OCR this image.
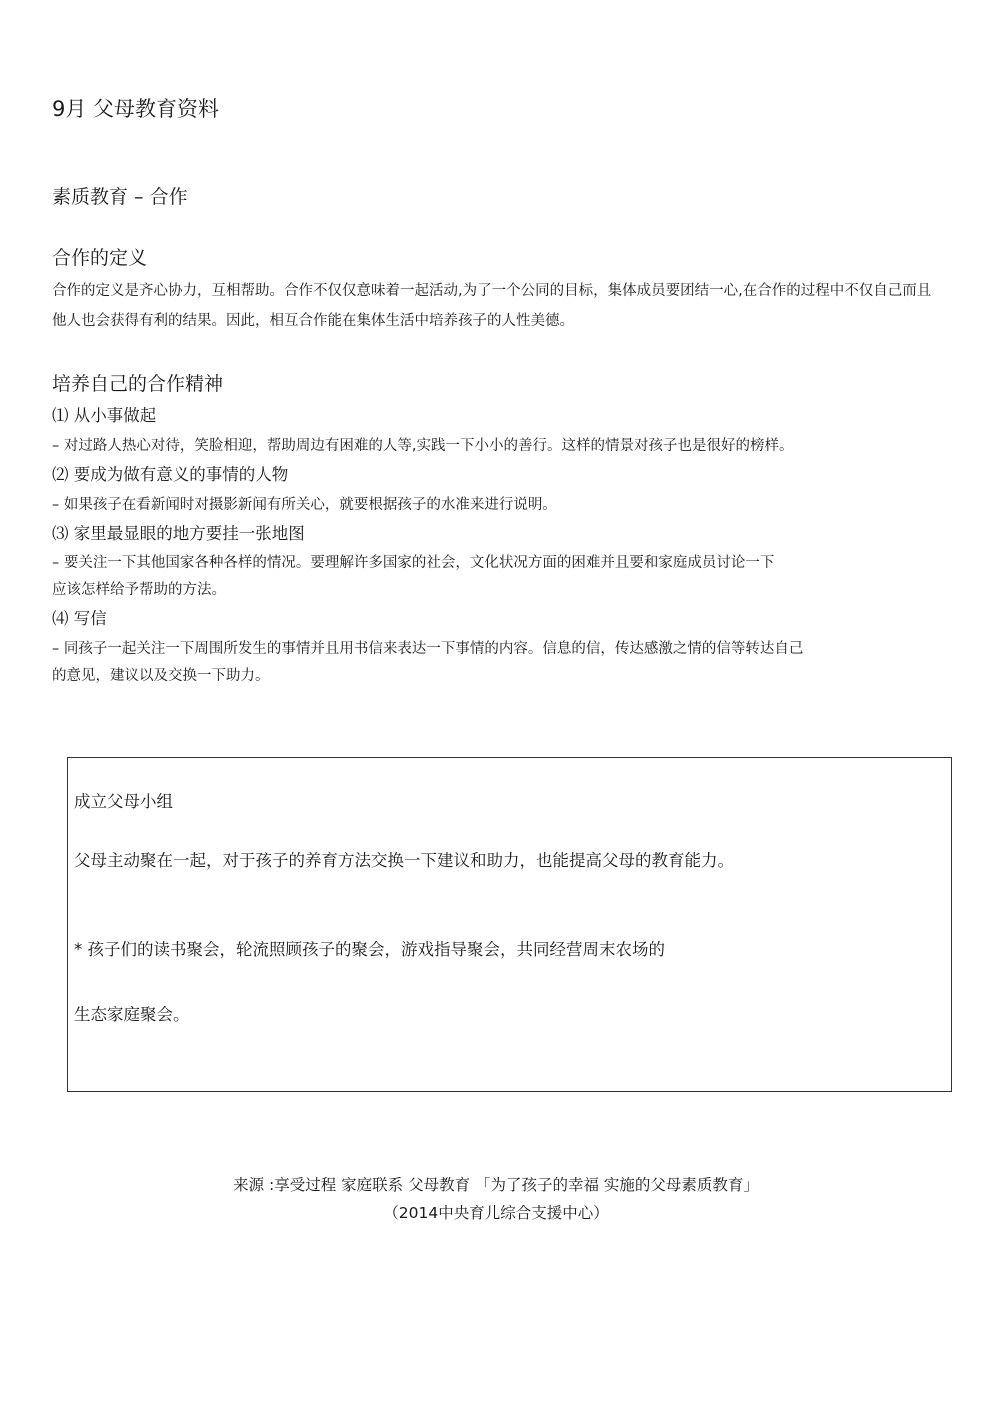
9月 父母教育资料
素质教育 – 合作
合作的定义
合作的定义是齐心协力，互相帮助。合作不仅仅意味着一起活动,为了一个公同的目标，集体成员要团结一心,在合作的过程中不仅自己而且他人也会获得有利的结果。因此，相互合作能在集体生活中培养孩子的人性美德。
培养自己的合作精神
⑴ 从小事做起
– 对过路人热心对待，笑脸相迎，帮助周边有困难的人等,实践一下小小的善行。这样的情景对孩子也是很好的榜样。
⑵ 要成为做有意义的事情的人物
– 如果孩子在看新闻时对摄影新闻有所关心，就要根据孩子的水准来进行说明。
⑶ 家里最显眼的地方要挂一张地图
– 要关注一下其他国家各种各样的情况。要理解许多国家的社会，文化状况方面的困难并且要和家庭成员讨论一下
应该怎样给予帮助的方法。
⑷ 写信
– 同孩子一起关注一下周围所发生的事情并且用书信来表达一下事情的内容。信息的信，传达感激之情的信等转达自己
的意见，建议以及交换一下助力。
成立父母小组
父母主动聚在一起，对于孩子的养育方法交换一下建议和助力，也能提高父母的教育能力。
* 孩子们的读书聚会，轮流照顾孩子的聚会，游戏指导聚会，共同经营周末农场的
生态家庭聚会。
来源 :享受过程 家庭联系 父母教育 「为了孩子的幸福 实施的父母素质教育」
（2014中央育儿综合支援中心）
